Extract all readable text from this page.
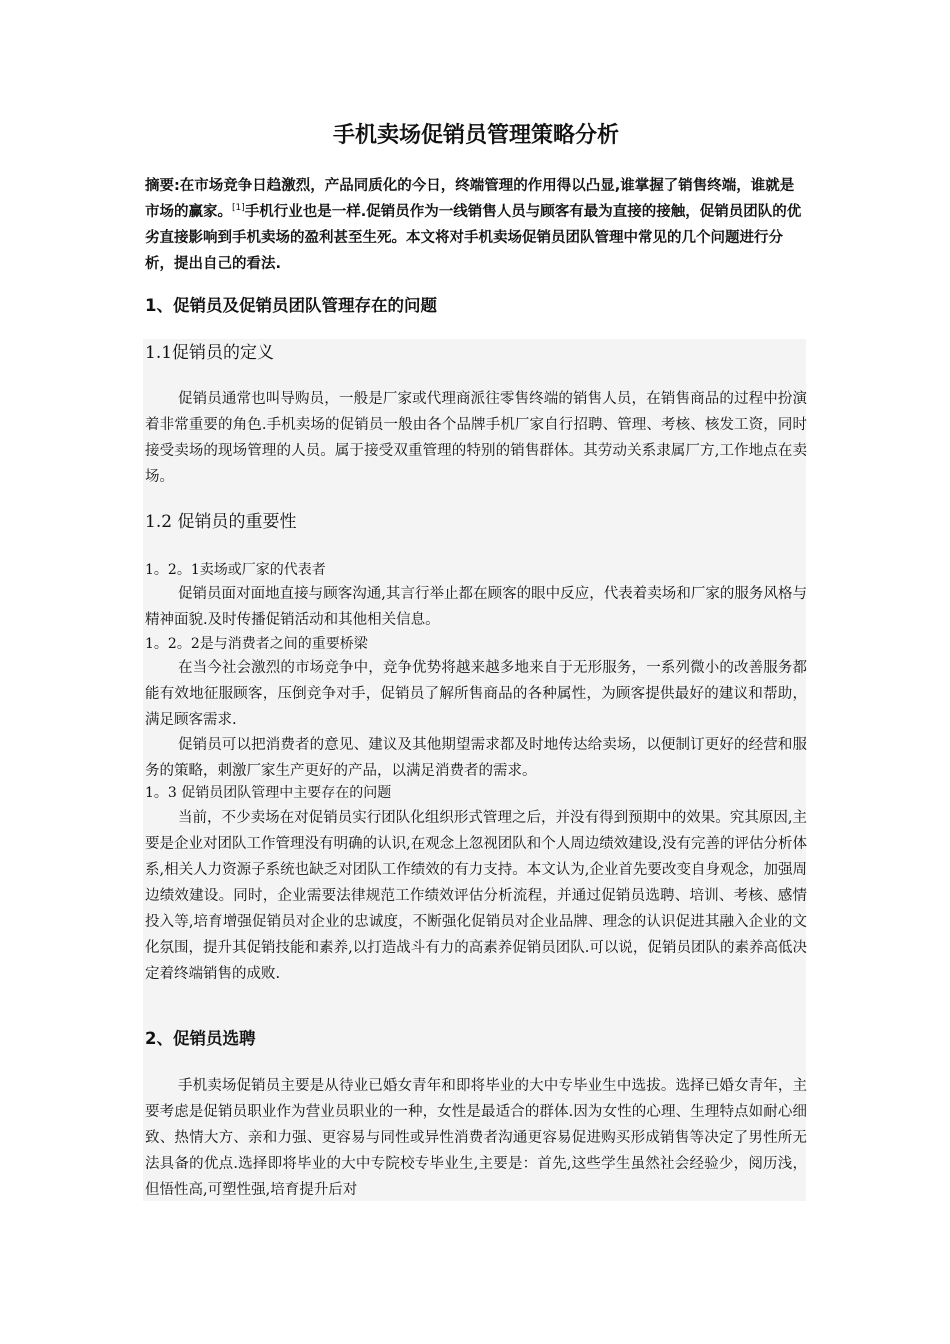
手机卖场促销员管理策略分析
摘要:在市场竞争日趋激烈，产品同质化的今日，终端管理的作用得以凸显,谁掌握了销售终端，谁就是市场的赢家。[1]手机行业也是一样.促销员作为一线销售人员与顾客有最为直接的接触，促销员团队的优劣直接影响到手机卖场的盈利甚至生死。本文将对手机卖场促销员团队管理中常见的几个问题进行分析，提出自己的看法.
1、促销员及促销员团队管理存在的问题
1.1促销员的定义

促销员通常也叫导购员，一般是厂家或代理商派往零售终端的销售人员，在销售商品的过程中扮演着非常重要的角色.手机卖场的促销员一般由各个品牌手机厂家自行招聘、管理、考核、核发工资，同时接受卖场的现场管理的人员。属于接受双重管理的特别的销售群体。其劳动关系隶属厂方,工作地点在卖场。

1.2 促销员的重要性
1。2。1卖场或厂家的代表者

促销员面对面地直接与顾客沟通,其言行举止都在顾客的眼中反应，代表着卖场和厂家的服务风格与精神面貌.及时传播促销活动和其他相关信息。

1。2。2是与消费者之间的重要桥梁

在当今社会激烈的市场竞争中，竞争优势将越来越多地来自于无形服务，一系列微小的改善服务都能有效地征服顾客，压倒竞争对手，促销员了解所售商品的各种属性，为顾客提供最好的建议和帮助，满足顾客需求.

促销员可以把消费者的意见、建议及其他期望需求都及时地传达给卖场，以便制订更好的经营和服务的策略，刺激厂家生产更好的产品，以满足消费者的需求。

1。3 促销员团队管理中主要存在的问题

当前，不少卖场在对促销员实行团队化组织形式管理之后，并没有得到预期中的效果。究其原因,主要是企业对团队工作管理没有明确的认识,在观念上忽视团队和个人周边绩效建设,没有完善的评估分析体系,相关人力资源子系统也缺乏对团队工作绩效的有力支持。本文认为,企业首先要改变自身观念，加强周边绩效建设。同时，企业需要法律规范工作绩效评估分析流程，并通过促销员选聘、培训、考核、感情投入等,培育增强促销员对企业的忠诚度，不断强化促销员对企业品牌、理念的认识促进其融入企业的文化氛围，提升其促销技能和素养,以打造战斗有力的高素养促销员团队.可以说，促销员团队的素养高低决定着终端销售的成败.

2、促销员选聘

手机卖场促销员主要是从待业已婚女青年和即将毕业的大中专毕业生中选拔。选择已婚女青年，主要考虑是促销员职业作为营业员职业的一种，女性是最适合的群体.因为女性的心理、生理特点如耐心细致、热情大方、亲和力强、更容易与同性或异性消费者沟通更容易促进购买形成销售等决定了男性所无法具备的优点.选择即将毕业的大中专院校专毕业生,主要是：首先,这些学生虽然社会经验少，阅历浅，但悟性高,可塑性强,培育提升后对
